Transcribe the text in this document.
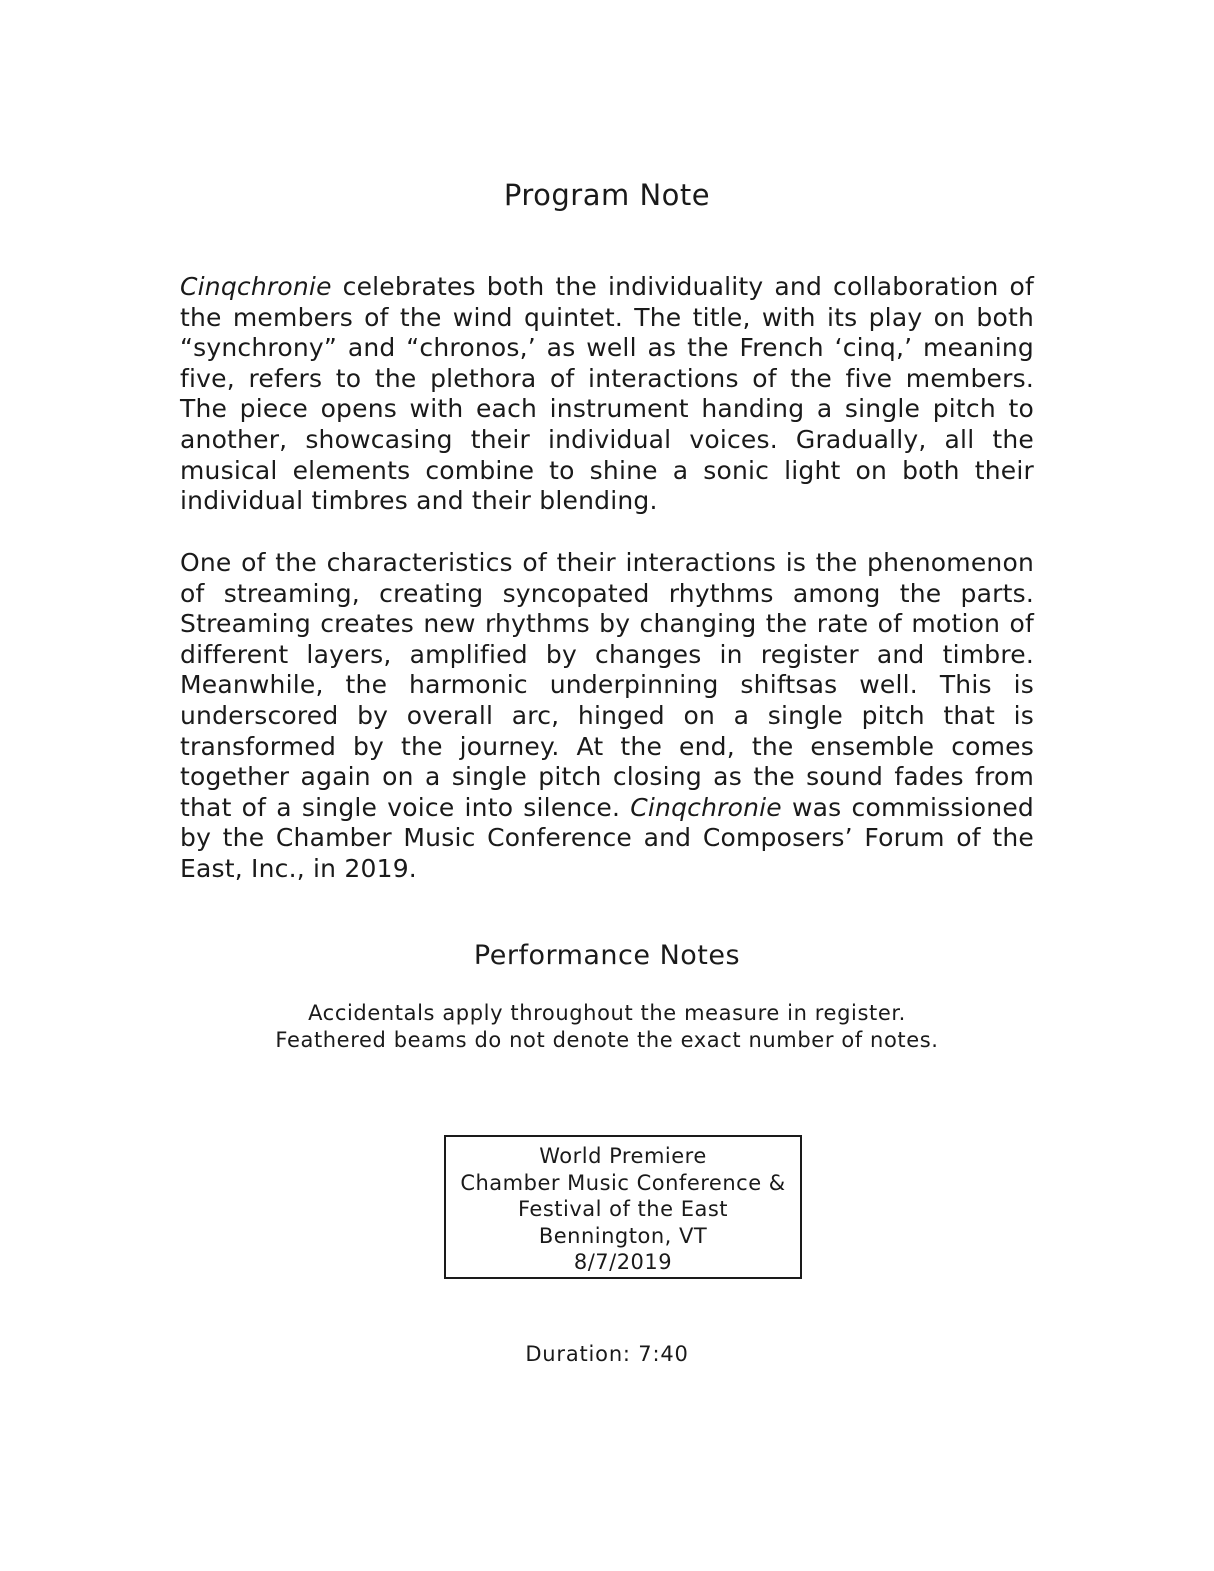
Program Note

Cinqchronie celebrates both the individuality and collaboration of the members of the wind quintet. The title, with its play on both “synchrony” and “chronos,’ as well as the French ‘cinq,’ meaning five, refers to the plethora of interactions of the five members. The piece opens with each instrument handing a single pitch to another, showcasing their individual voices. Gradually, all the musical elements combine to shine a sonic light on both their individual timbres and their blending.

One of the characteristics of their interactions is the phenomenon of streaming, creating syncopated rhythms among the parts. Streaming creates new rhythms by changing the rate of motion of different layers, amplified by changes in register and timbre. Meanwhile, the harmonic underpinning shiftsas well. This is underscored by overall arc, hinged on a single pitch that is transformed by the journey. At the end, the ensemble comes together again on a single pitch closing as the sound fades from that of a single voice into silence. Cinqchronie was commissioned by the Chamber Music Conference and Composers’ Forum of the East, Inc., in 2019.

Performance Notes
Accidentals apply throughout the measure in register.
Feathered beams do not denote the exact number of notes.
World Premiere
Chamber Music Conference &
Festival of the East
Bennington, VT
8/7/2019
Duration: 7:40
